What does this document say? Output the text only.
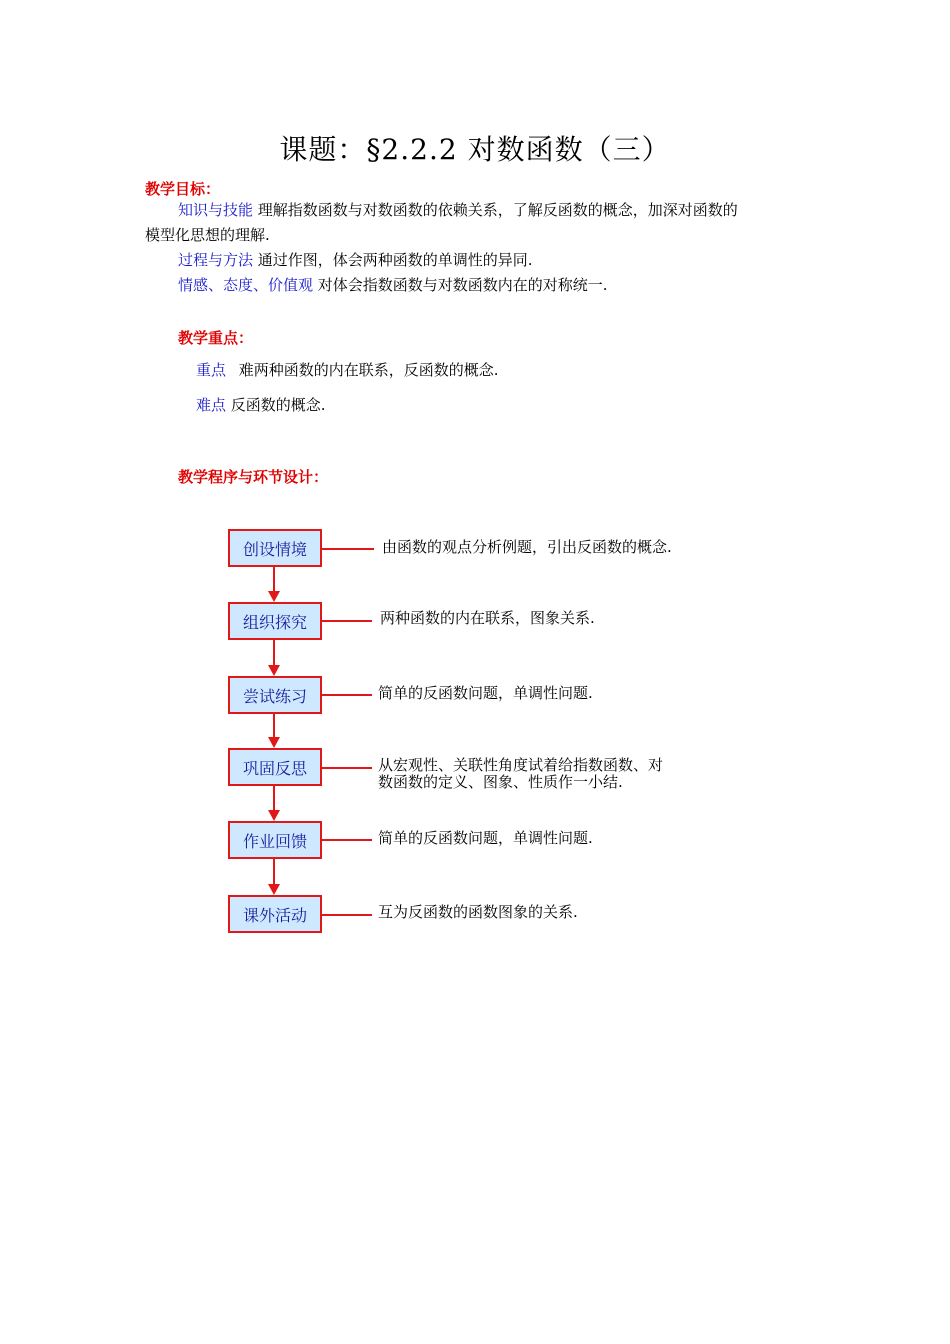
课题：§2.2.2 对数函数（三）
教学目标：
知识与技能 理解指数函数与对数函数的依赖关系，了解反函数的概念，加深对函数的
模型化思想的理解.
过程与方法 通过作图，体会两种函数的单调性的异同.
情感、态度、价值观 对体会指数函数与对数函数内在的对称统一.
教学重点：
重点 难两种函数的内在联系，反函数的概念.
难点 反函数的概念.
教学程序与环节设计：
创设情境	由函数的观点分析例题，引出反函数的概念.
组织探究	两种函数的内在联系，图象关系.
尝试练习	简单的反函数问题，单调性问题.
巩固反思	从宏观性、关联性角度试着给指数函数、对
数函数的定义、图象、性质作一小结.
作业回馈	简单的反函数问题，单调性问题.
课外活动	互为反函数的函数图象的关系.
